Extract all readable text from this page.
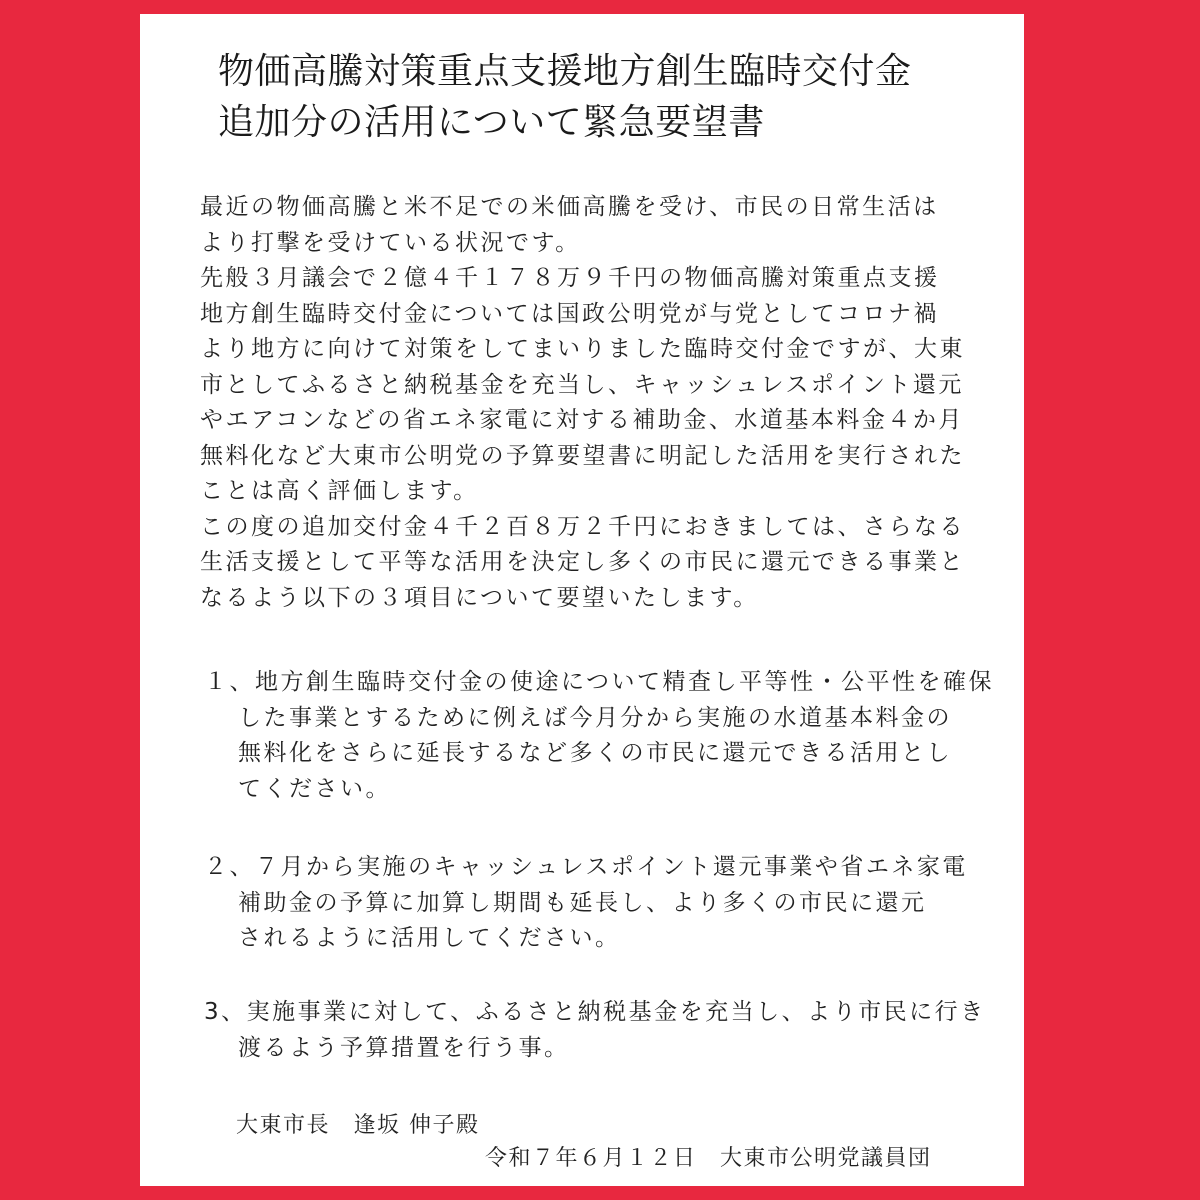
物価高騰対策重点支援地方創生臨時交付金
追加分の活用について緊急要望書
最近の物価高騰と米不足での米価高騰を受け、市民の日常生活は
より打撃を受けている状況です。
先般３月議会で２億４千１７８万９千円の物価高騰対策重点支援
地方創生臨時交付金については国政公明党が与党としてコロナ禍
より地方に向けて対策をしてまいりました臨時交付金ですが、大東
市としてふるさと納税基金を充当し、キャッシュレスポイント還元
やエアコンなどの省エネ家電に対する補助金、水道基本料金４か月
無料化など大東市公明党の予算要望書に明記した活用を実行された
ことは高く評価します。
この度の追加交付金４千２百８万２千円におきましては、さらなる
生活支援として平等な活用を決定し多くの市民に還元できる事業と
なるよう以下の３項目について要望いたします。
１、地方創生臨時交付金の使途について精査し平等性・公平性を確保
した事業とするために例えば今月分から実施の水道基本料金の
無料化をさらに延長するなど多くの市民に還元できる活用とし
てください。
２、７月から実施のキャッシュレスポイント還元事業や省エネ家電
補助金の予算に加算し期間も延長し、より多くの市民に還元
されるように活用してください。
3、実施事業に対して、ふるさと納税基金を充当し、より市民に行き
渡るよう予算措置を行う事。
大東市長　逢坂 伸子殿
令和７年６月１２日　大東市公明党議員団
